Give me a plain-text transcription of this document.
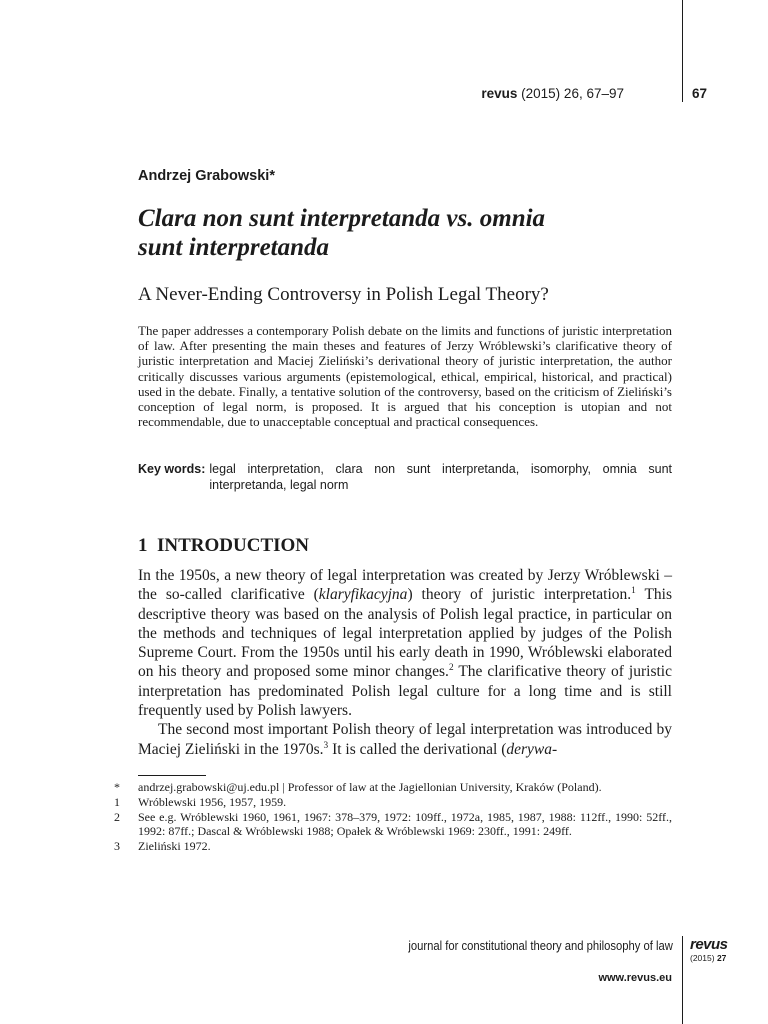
revus (2015) 26, 67–97	67
Andrzej Grabowski*
Clara non sunt interpretanda vs. omnia
sunt interpretanda
A Never-Ending Controversy in Polish Legal Theory?

The paper addresses a contemporary Polish debate on the limits and functions of juristic interpretation of law. After presenting the main theses and features of Jerzy Wróblewski’s clarificative theory of juristic interpretation and Maciej Zieliński’s derivational theory of juristic interpretation, the author critically discusses various arguments (epistemological, ethical, empirical, historical, and practical) used in the debate. Finally, a tentative solution of the controversy, based on the criticism of Zieliński’s conception of legal norm, is proposed. It is argued that his conception is utopian and not recommendable, due to unacceptable conceptual and practical consequences.

Key words: legal interpretation, clara non sunt interpretanda, isomorphy, omnia sunt interpretanda, legal norm
1 INTRODUCTION

In the 1950s, a new theory of legal interpretation was created by Jerzy Wróblewski – the so-called clarificative (klaryfikacyjna) theory of juristic interpretation.$^1$ This descriptive theory was based on the analysis of Polish legal practice, in particular on the methods and techniques of legal interpretation applied by judges of the Polish Supreme Court. From the 1950s until his early death in 1990, Wróblewski elaborated on his theory and proposed some minor changes.$^2$ The clarificative theory of juristic interpretation has predominated Polish legal culture for a long time and is still frequently used by Polish lawyers.

The second most important Polish theory of legal interpretation was introduced by Maciej Zieliński in the 1970s.$^3$ It is called the derivational (derywa-

*	andrzej.grabowski@uj.edu.pl | Professor of law at the Jagiellonian University, Kraków (Poland).
1	Wróblewski 1956, 1957, 1959.
2	See e.g. Wróblewski 1960, 1961, 1967: 378–379, 1972: 109ff., 1972a, 1985, 1987, 1988: 112ff., 1990: 52ff., 1992: 87ff.; Dascal & Wróblewski 1988; Opałek & Wróblewski 1969: 230ff., 1991: 249ff.
3	Zieliński 1972.
journal for constitutional theory and philosophy of law
www.revus.eu
revus
(2015) 27
